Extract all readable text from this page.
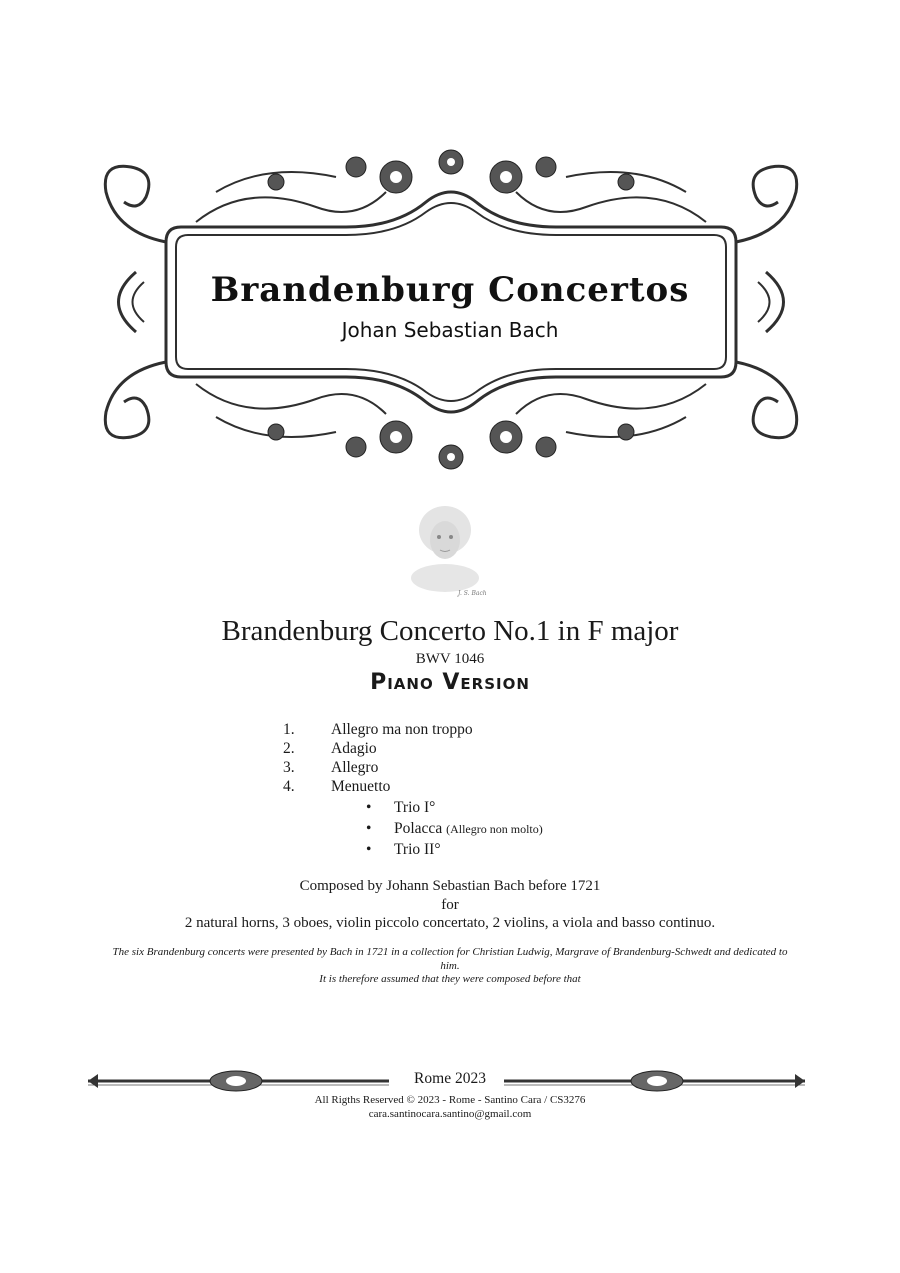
Brandenburg Concertos
Johan Sebastian Bach
J. S. Bach
Brandenburg Concerto No.1 in F major
BWV 1046
Piano Version
1. Allegro ma non troppo
2. Adagio
3. Allegro
4. Menuetto
• Trio I°
• Polacca (Allegro non molto)
• Trio II°
Composed by Johann Sebastian Bach before 1721
for
2 natural horns, 3 oboes, violin piccolo concertato, 2 violins, a viola and basso continuo.
The six Brandenburg concerts were presented by Bach in 1721 in a collection for Christian Ludwig, Margrave of Brandenburg-Schwedt and dedicated to him.
It is therefore assumed that they were composed before that
Rome 2023
All Rigths Reserved © 2023 - Rome - Santino Cara / CS3276
cara.santinocara.santino@gmail.com
